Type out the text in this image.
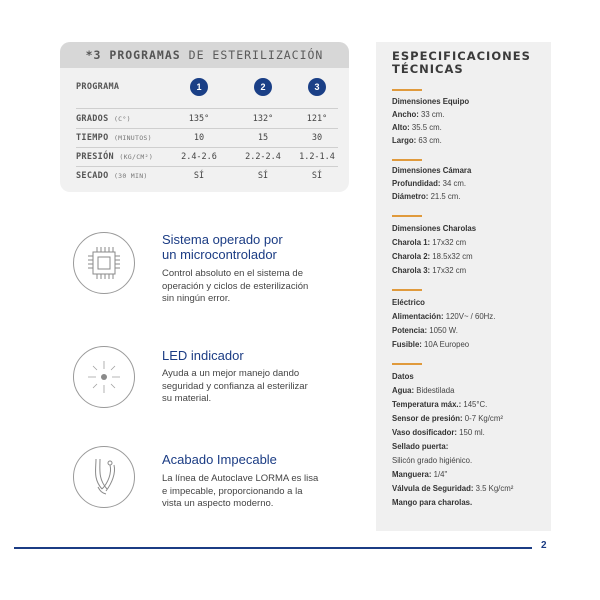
*3 PROGRAMAS DE ESTERILIZACIÓN
PROGRAMA	1	2	3
GRADOS (C°)	135°	132°	121°
TIEMPO (MINUTOS)	10	15	30
PRESIÓN (KG/CM²)	2.4-2.6	2.2-2.4	1.2-1.4
SECADO (30 MIN)	SÍ	SÍ	SÍ
Sistema operado por
un microcontrolador
Control absoluto en el sistema de
operación y ciclos de esterilización
sin ningún error.
LED indicador
Ayuda a un mejor manejo dando
seguridad y confianza al esterilizar
su material.
Acabado Impecable
La línea de Autoclave LORMA es lisa
e impecable, proporcionando a la
vista un aspecto moderno.
ESPECIFICACIONES
TÉCNICAS
Dimensiones Equipo
Ancho: 33 cm.
Alto: 35.5 cm.
Largo: 63 cm.
Dimensiones Cámara
Profundidad: 34 cm.
Diámetro: 21.5 cm.
Dimensiones Charolas
Charola 1: 17x32 cm
Charola 2: 18.5x32 cm
Charola 3: 17x32 cm
Eléctrico
Alimentación: 120V~ / 60Hz.
Potencia: 1050 W.
Fusible: 10A Europeo
Datos
Agua: Bidestilada
Temperatura máx.: 145°C.
Sensor de presión: 0-7 Kg/cm²
Vaso dosificador: 150 ml.
Sellado puerta:
Silicón grado higiénico.
Manguera: 1/4"
Válvula de Seguridad: 3.5 Kg/cm²
Mango para charolas.
2
